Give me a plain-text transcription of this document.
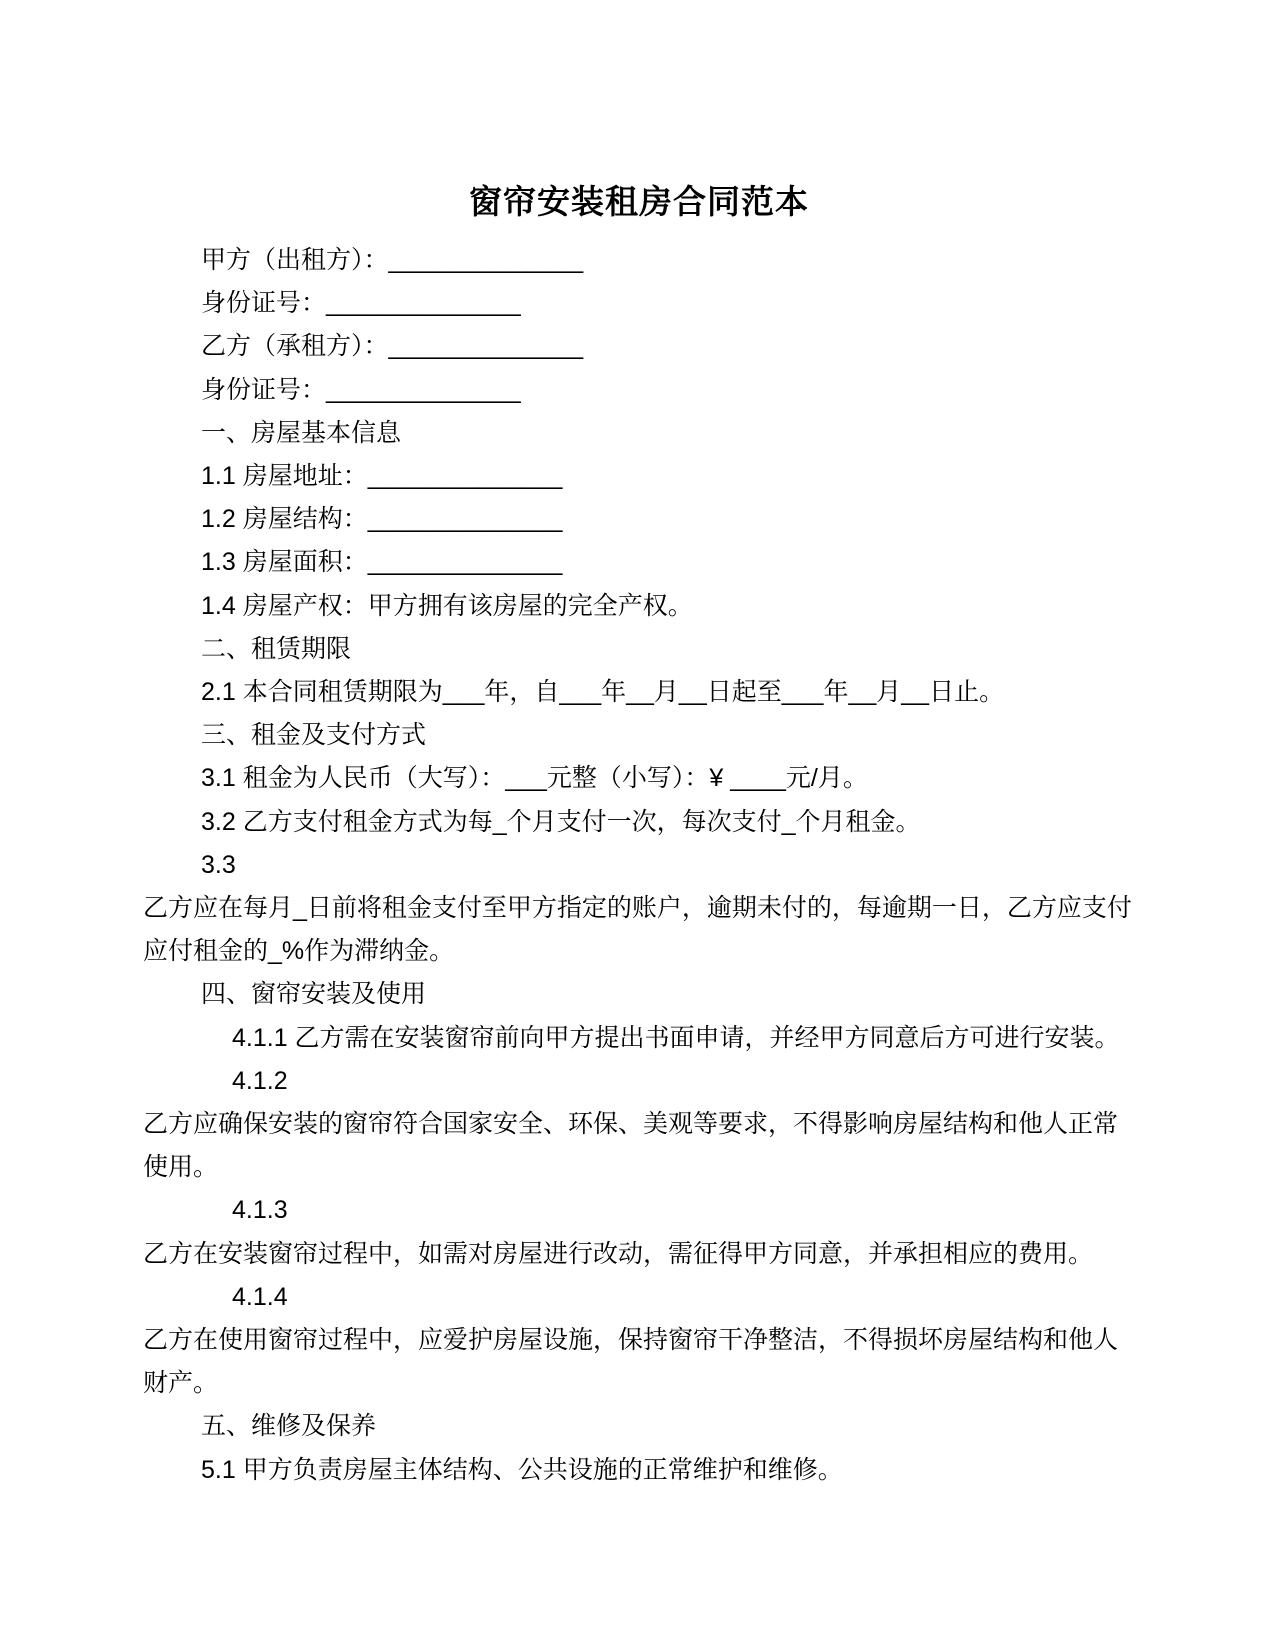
窗帘安装租房合同范本

甲方（出租方）：______________

身份证号：______________

乙方（承租方）：______________

身份证号：______________

一、房屋基本信息

1.1 房屋地址：______________

1.2 房屋结构：______________

1.3 房屋面积：______________

1.4 房屋产权：甲方拥有该房屋的完全产权。

二、租赁期限

2.1 本合同租赁期限为___年，自___年__月__日起至___年__月__日止。

三、租金及支付方式

3.1 租金为人民币（大写）：___元整（小写）：¥ ____元/月。

3.2 乙方支付租金方式为每_个月支付一次，每次支付_个月租金。

3.3

乙方应在每月_日前将租金支付至甲方指定的账户，逾期未付的，每逾期一日，乙方应支付应付租金的_%作为滞纳金。

四、窗帘安装及使用

4.1.1 乙方需在安装窗帘前向甲方提出书面申请，并经甲方同意后方可进行安装。

4.1.2

乙方应确保安装的窗帘符合国家安全、环保、美观等要求，不得影响房屋结构和他人正常使用。

4.1.3

乙方在安装窗帘过程中，如需对房屋进行改动，需征得甲方同意，并承担相应的费用。

4.1.4

乙方在使用窗帘过程中，应爱护房屋设施，保持窗帘干净整洁，不得损坏房屋结构和他人财产。

五、维修及保养

5.1 甲方负责房屋主体结构、公共设施的正常维护和维修。
